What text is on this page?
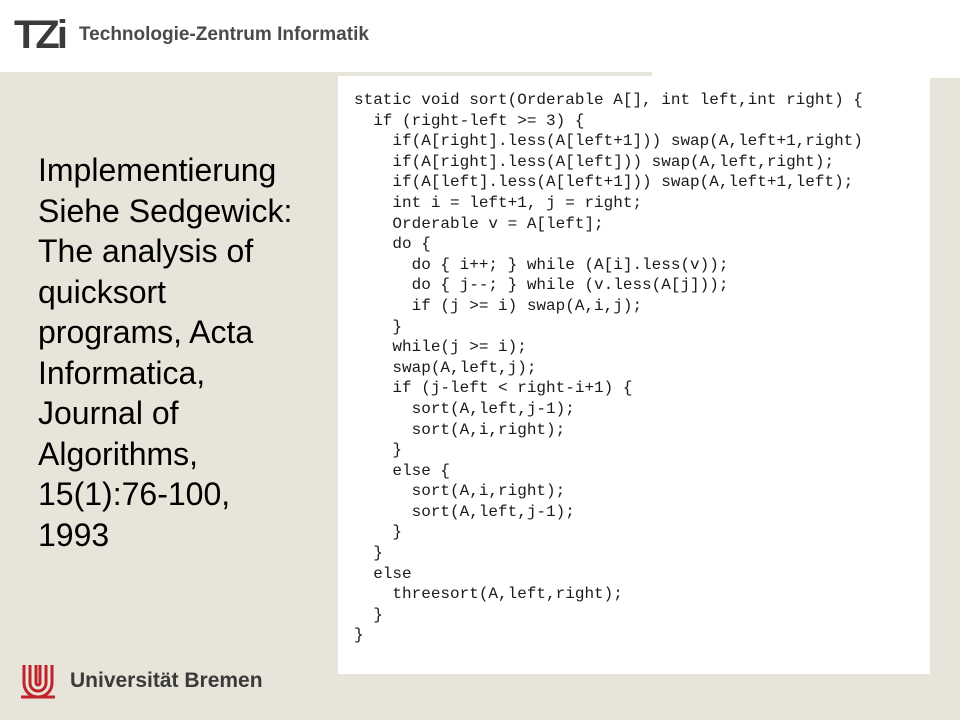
TZi Technologie-Zentrum Informatik
Implementierung
Siehe Sedgewick:
The analysis of
quicksort
programs, Acta
Informatica,
Journal of
Algorithms,
15(1):76-100,
1993
static void sort(Orderable A[], int left,int right) {
if (right-left >= 3) {
if(A[right].less(A[left+1])) swap(A,left+1,right)
if(A[right].less(A[left])) swap(A,left,right);
if(A[left].less(A[left+1])) swap(A,left+1,left);
int i = left+1, j = right;
Orderable v = A[left];
do {
do { i++; } while (A[i].less(v));
do { j--; } while (v.less(A[j]));
if (j >= i) swap(A,i,j);
}
while(j >= i);
swap(A,left,j);
if (j-left < right-i+1) {
sort(A,left,j-1);
sort(A,i,right);
}
else {
sort(A,i,right);
sort(A,left,j-1);
}
}
else
threesort(A,left,right);
}
}
Universität Bremen
